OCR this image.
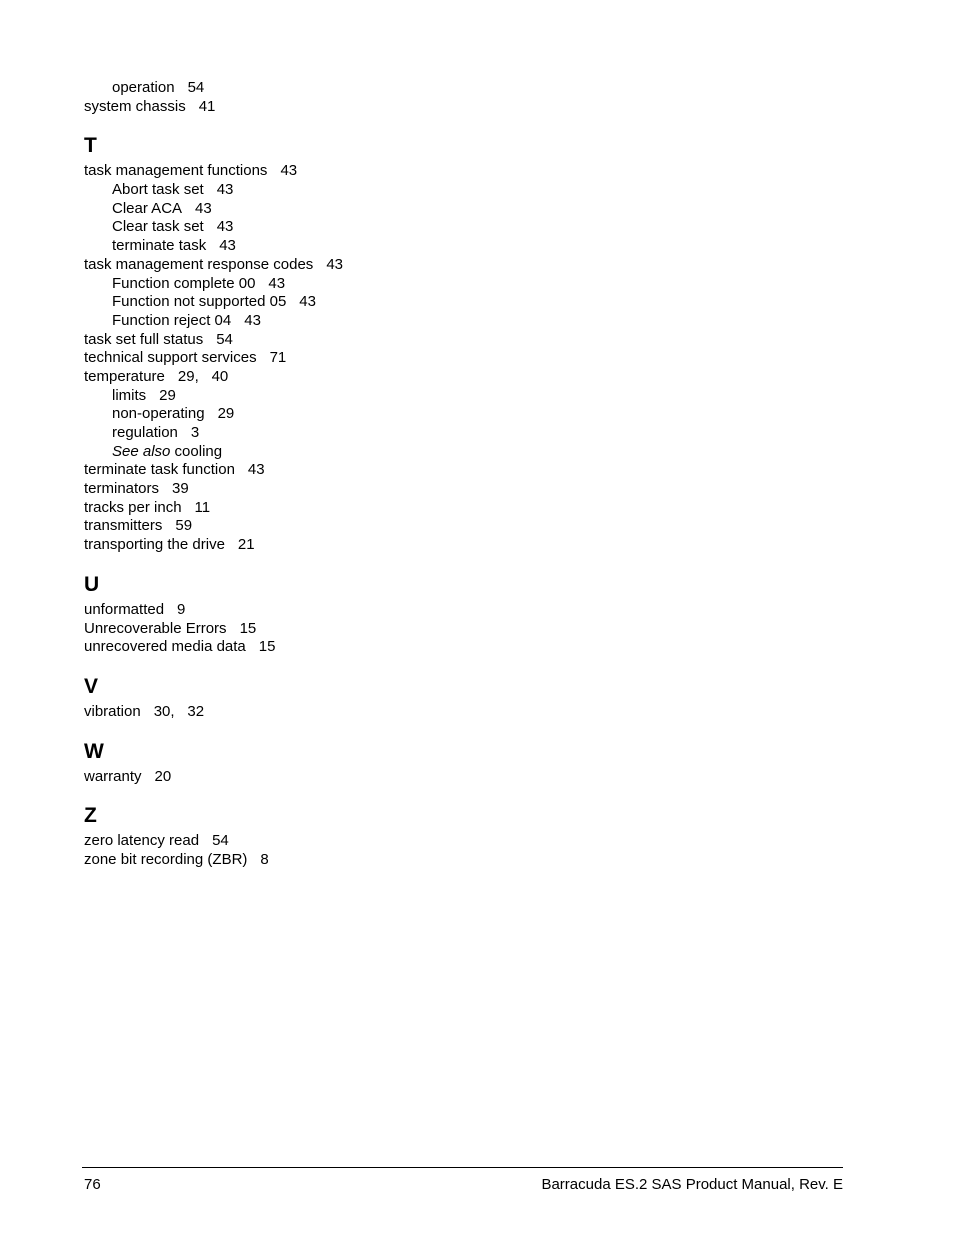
operation 54
system chassis 41
T
task management functions 43
Abort task set 43
Clear ACA 43
Clear task set 43
terminate task 43
task management response codes 43
Function complete 00 43
Function not supported 05 43
Function reject 04 43
task set full status 54
technical support services 71
temperature 29, 40
limits 29
non-operating 29
regulation 3
See also cooling
terminate task function 43
terminators 39
tracks per inch 11
transmitters 59
transporting the drive 21
U
unformatted 9
Unrecoverable Errors 15
unrecovered media data 15
V
vibration 30, 32
W
warranty 20
Z
zero latency read 54
zone bit recording (ZBR) 8
76	Barracuda ES.2 SAS Product Manual, Rev. E
